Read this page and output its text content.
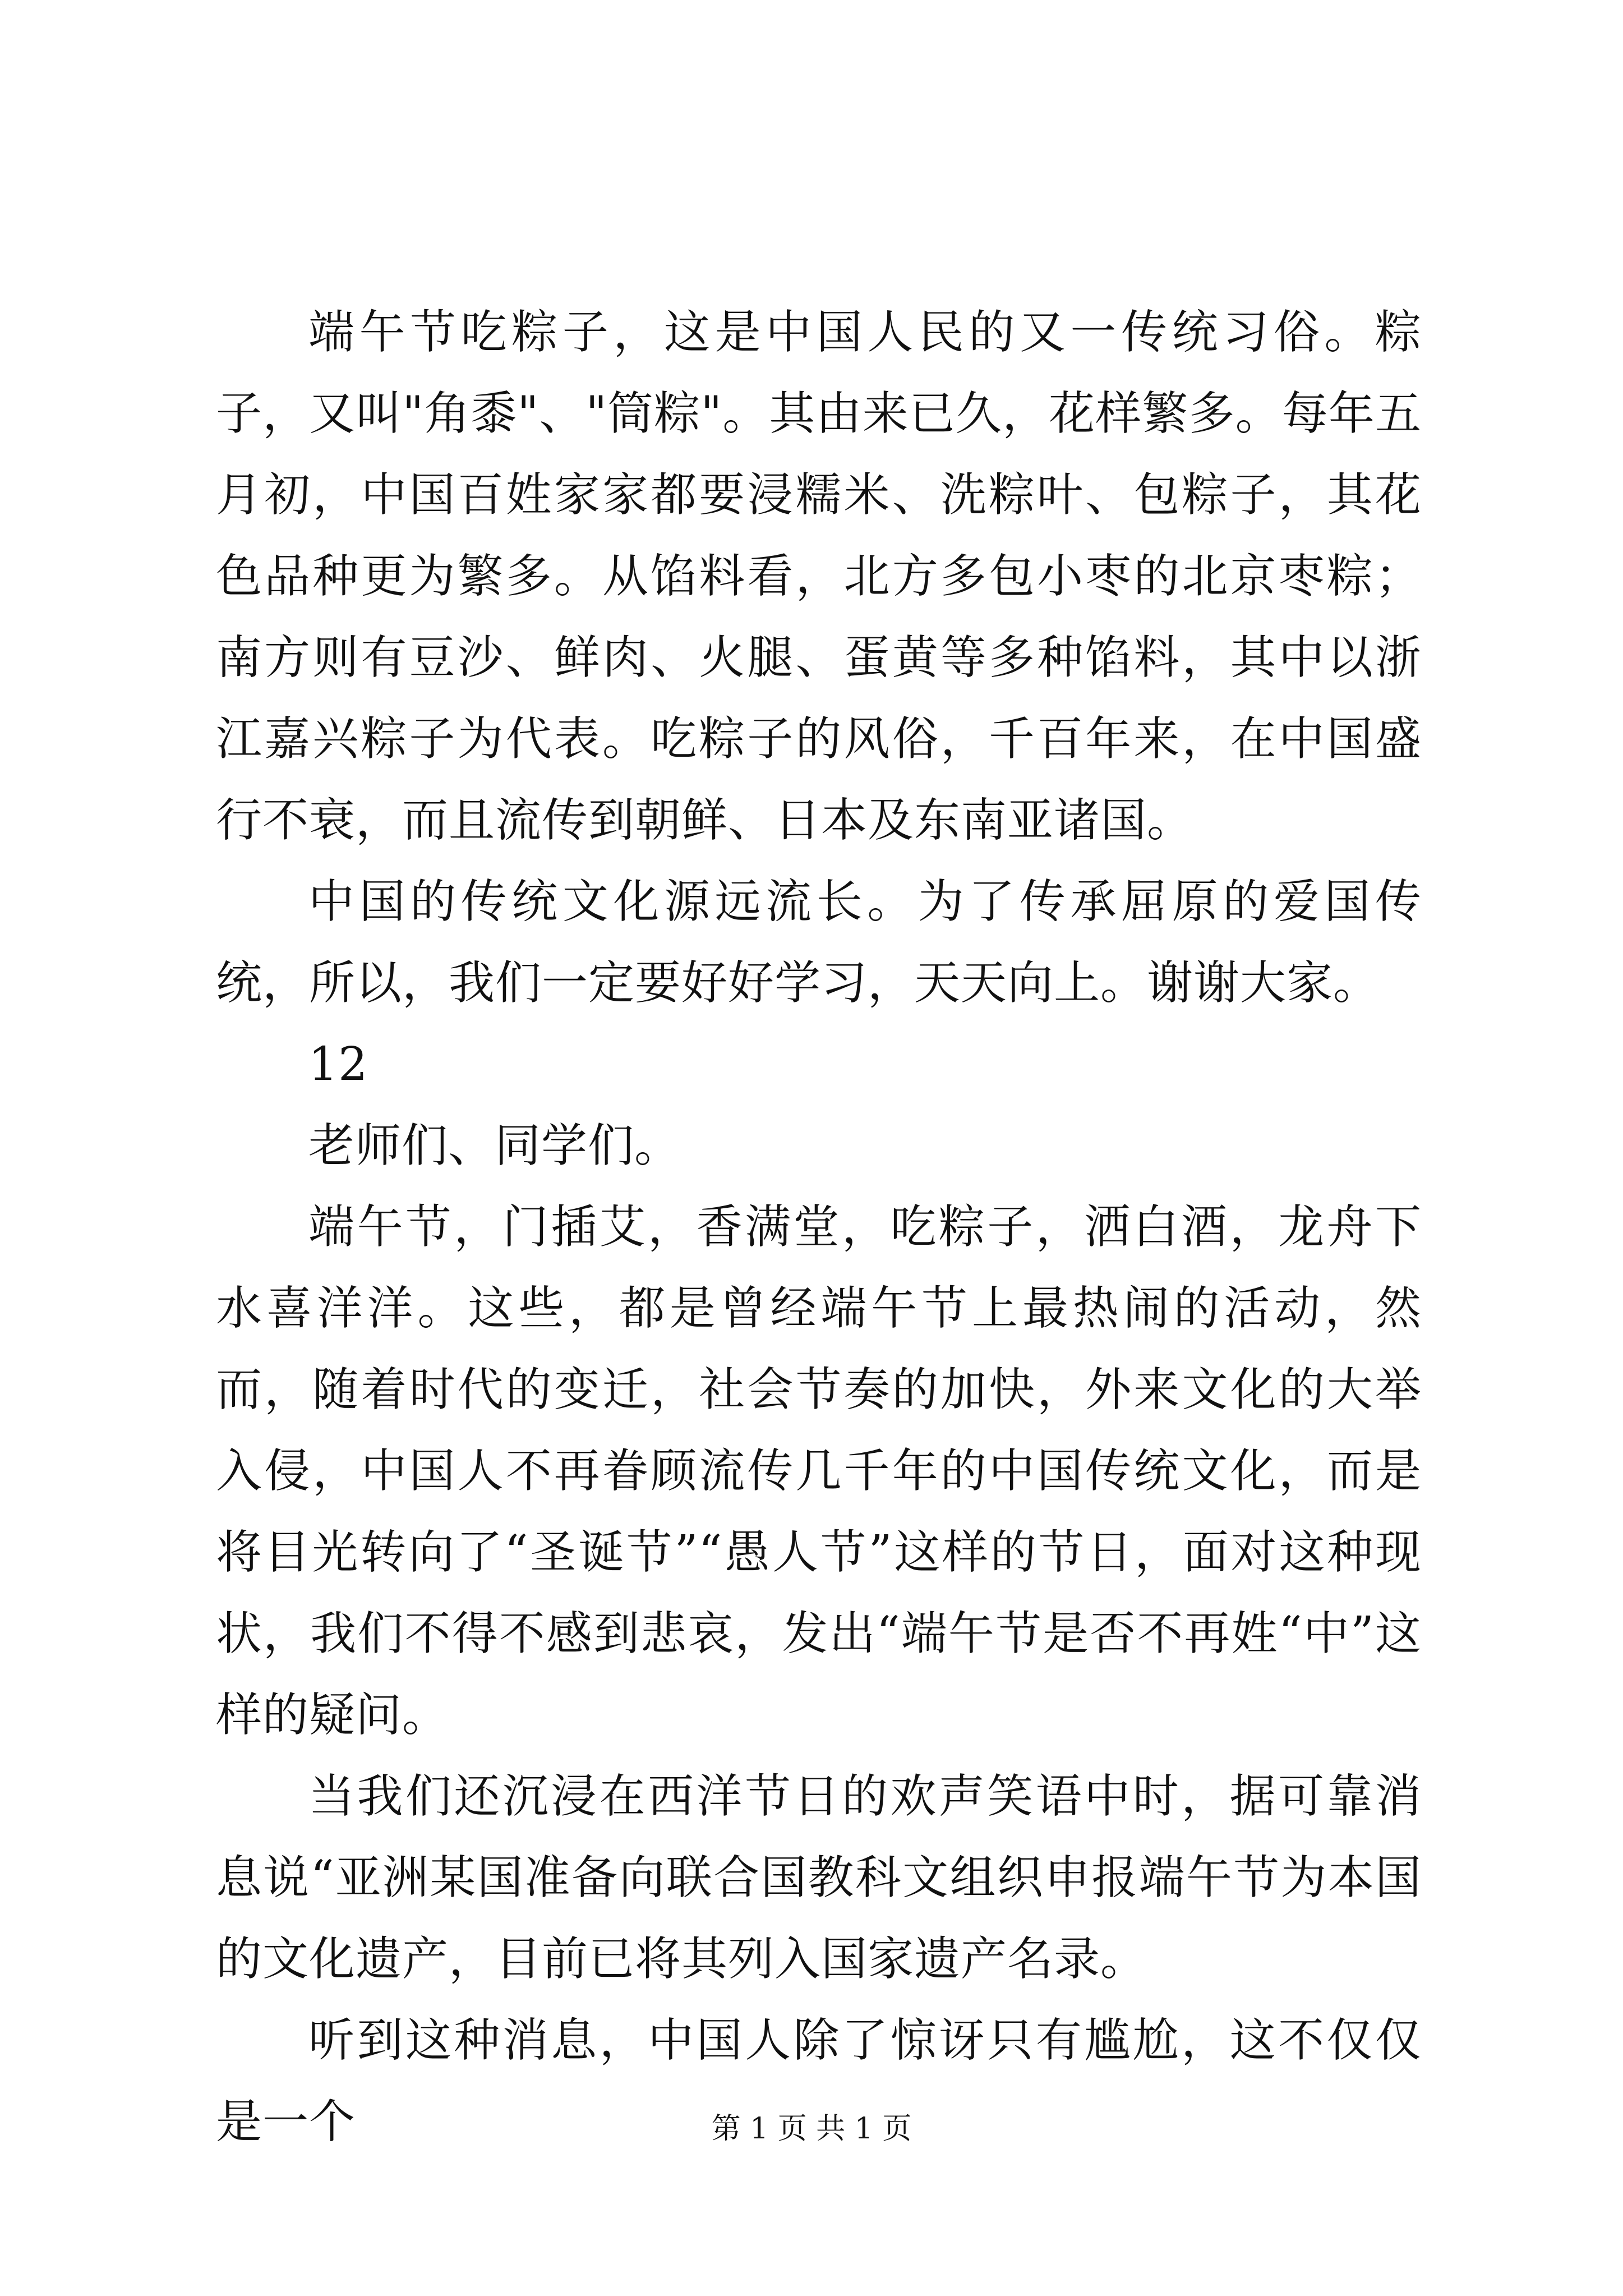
端午节吃粽子，这是中国人民的又一传统习俗。粽子，又叫"角黍"、"筒粽"。其由来已久，花样繁多。每年五月初，中国百姓家家都要浸糯米、洗粽叶、包粽子，其花色品种更为繁多。从馅料看，北方多包小枣的北京枣粽；南方则有豆沙、鲜肉、火腿、蛋黄等多种馅料，其中以浙江嘉兴粽子为代表。吃粽子的风俗，千百年来，在中国盛行不衰，而且流传到朝鲜、日本及东南亚诸国。

中国的传统文化源远流长。为了传承屈原的爱国传统，所以，我们一定要好好学习，天天向上。谢谢大家。

12

老师们、同学们。

端午节，门插艾，香满堂，吃粽子，洒白酒，龙舟下水喜洋洋。这些，都是曾经端午节上最热闹的活动，然而，随着时代的变迁，社会节奏的加快，外来文化的大举入侵，中国人不再眷顾流传几千年的中国传统文化，而是将目光转向了“圣诞节”“愚人节”这样的节日，面对这种现状，我们不得不感到悲哀，发出“端午节是否不再姓“中”这样的疑问。

当我们还沉浸在西洋节日的欢声笑语中时，据可靠消息说“亚洲某国准备向联合国教科文组织申报端午节为本国的文化遗产，目前已将其列入国家遗产名录。

听到这种消息，中国人除了惊讶只有尴尬，这不仅仅是一个	第 1 页 共 1 页
